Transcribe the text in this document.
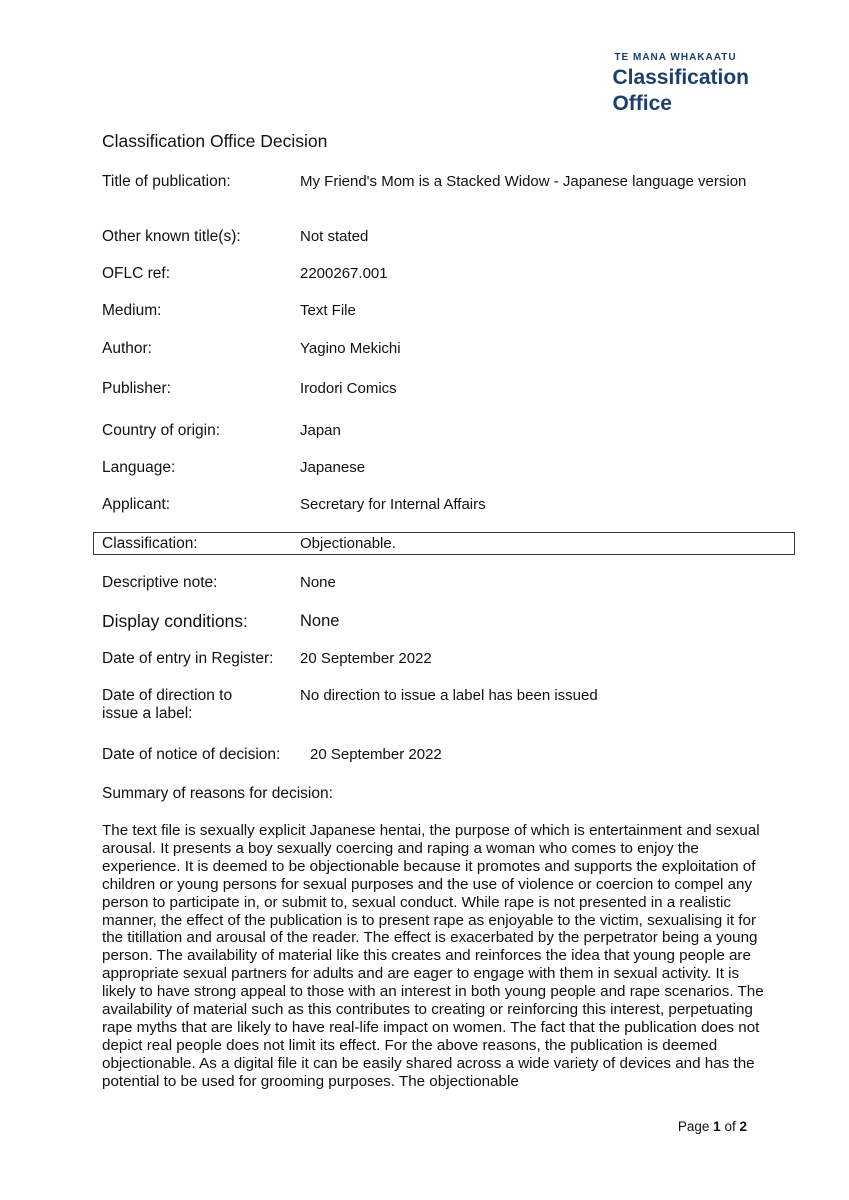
TE MANA WHAKAATU
Classification
Office
Classification Office Decision
Title of publication:	My Friend's Mom is a Stacked Widow - Japanese language version
Other known title(s):	Not stated
OFLC ref:	2200267.001
Medium:	Text File
Author:	Yagino Mekichi
Publisher:	Irodori Comics
Country of origin:	Japan
Language:	Japanese
Applicant:	Secretary for Internal Affairs
Classification:	Objectionable.
Descriptive note:	None
Display conditions:	None
Date of entry in Register:	20 September 2022
Date of direction to issue a label:
No direction to issue a label has been issued
Date of notice of decision:	20 September 2022
Summary of reasons for decision:
The text file is sexually explicit Japanese hentai, the purpose of which is entertainment and sexual arousal. It presents a boy sexually coercing and raping a woman who comes to enjoy the experience. It is deemed to be objectionable because it promotes and supports the exploitation of children or young persons for sexual purposes and the use of violence or coercion to compel any person to participate in, or submit to, sexual conduct. While rape is not presented in a realistic manner, the effect of the publication is to present rape as enjoyable to the victim, sexualising it for the titillation and arousal of the reader. The effect is exacerbated by the perpetrator being a young person. The availability of material like this creates and reinforces the idea that young people are appropriate sexual partners for adults and are eager to engage with them in sexual activity. It is likely to have strong appeal to those with an interest in both young people and rape scenarios. The availability of material such as this contributes to creating or reinforcing this interest, perpetuating rape myths that are likely to have real-life impact on women. The fact that the publication does not depict real people does not limit its effect. For the above reasons, the publication is deemed objectionable. As a digital file it can be easily shared across a wide variety of devices and has the potential to be used for grooming purposes. The objectionable
Page 1 of 2
